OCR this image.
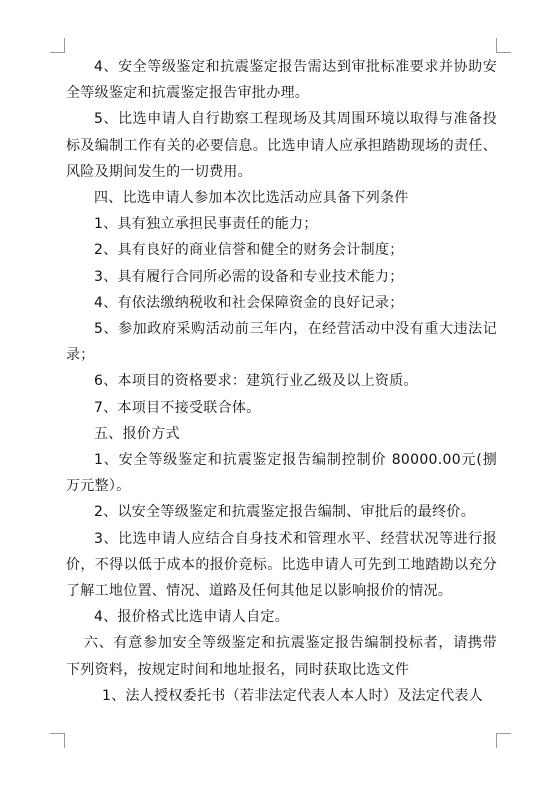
4、安全等级鉴定和抗震鉴定报告需达到审批标准要求并协助安全等级鉴定和抗震鉴定报告审批办理。

5、比选申请人自行勘察工程现场及其周围环境以取得与准备投标及编制工作有关的必要信息。比选申请人应承担踏勘现场的责任、风险及期间发生的一切费用。

四、比选申请人参加本次比选活动应具备下列条件

1、具有独立承担民事责任的能力；

2、具有良好的商业信誉和健全的财务会计制度；

3、具有履行合同所必需的设备和专业技术能力；

4、有依法缴纳税收和社会保障资金的良好记录；

5、参加政府采购活动前三年内，在经营活动中没有重大违法记录；

6、本项目的资格要求：建筑行业乙级及以上资质。

7、本项目不接受联合体。

五、报价方式

1、安全等级鉴定和抗震鉴定报告编制控制价 80000.00元(捌万元整）。

2、以安全等级鉴定和抗震鉴定报告编制、审批后的最终价。

3、比选申请人应结合自身技术和管理水平、经营状况等进行报价，不得以低于成本的报价竞标。比选申请人可先到工地踏勘以充分了解工地位置、情况、道路及任何其他足以影响报价的情况。

4、报价格式比选申请人自定。

六、有意参加安全等级鉴定和抗震鉴定报告编制投标者，请携带下列资料，按规定时间和地址报名，同时获取比选文件

1、法人授权委托书（若非法定代表人本人时）及法定代表人
